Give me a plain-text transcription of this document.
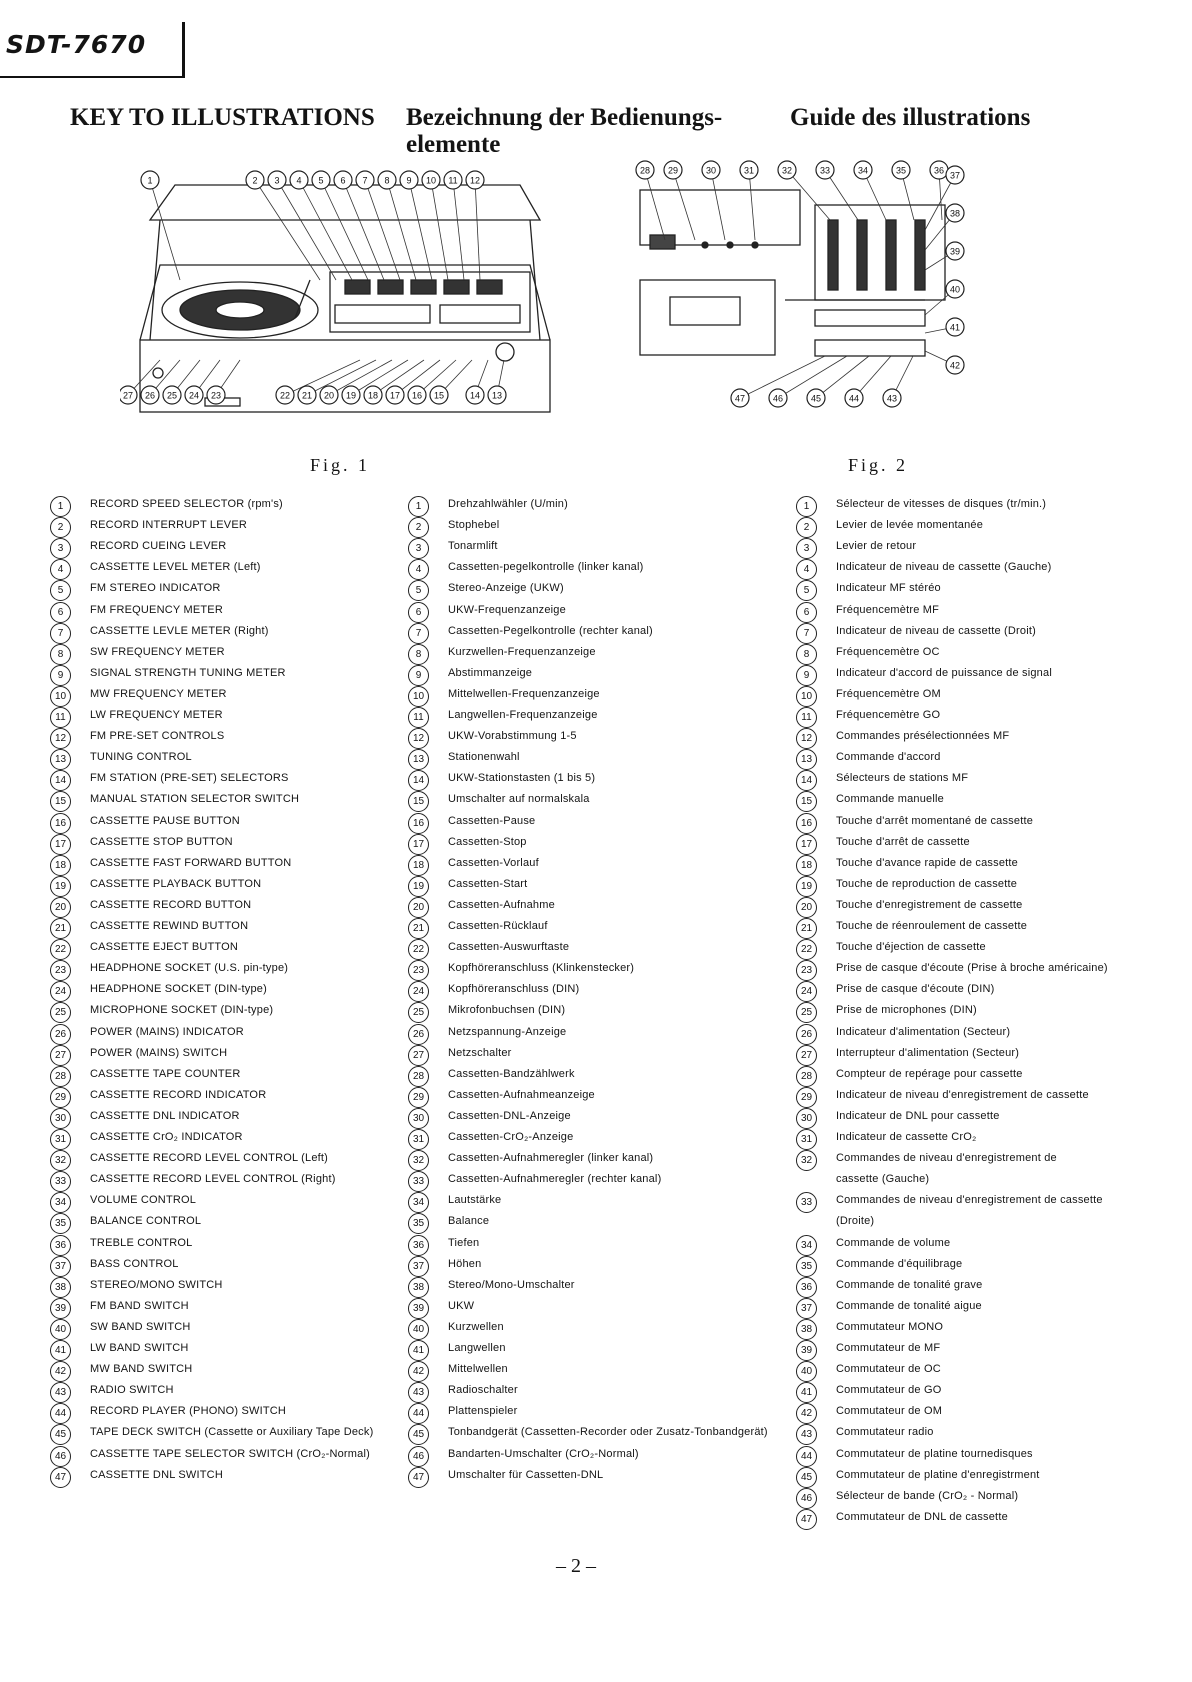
SDT-7670
KEY TO ILLUSTRATIONS Bezeichnung der Bedienungs-
elemente
Guide des illustrations
1	2 3 4 5 6 7 8 9 10 11 12
27 26 25 24 23	22 21 20 19 18 17 16 15	14 13
28 29	30	31	32	33	34	35	36 37
38
39
40
41
42
47	46	45	44	43
Fig. 1	Fig. 2
1	RECORD SPEED SELECTOR (rpm's)
2	RECORD INTERRUPT LEVER
3	RECORD CUEING LEVER
4	CASSETTE LEVEL METER (Left)
5	FM STEREO INDICATOR
6	FM FREQUENCY METER
7	CASSETTE LEVLE METER (Right)
8	SW FREQUENCY METER
9	SIGNAL STRENGTH TUNING METER
10	MW FREQUENCY METER
11	LW FREQUENCY METER
12	FM PRE-SET CONTROLS
13	TUNING CONTROL
14	FM STATION (PRE-SET) SELECTORS
15	MANUAL STATION SELECTOR SWITCH
16	CASSETTE PAUSE BUTTON
17	CASSETTE STOP BUTTON
18	CASSETTE FAST FORWARD BUTTON
19	CASSETTE PLAYBACK BUTTON
20	CASSETTE RECORD BUTTON
21	CASSETTE REWIND BUTTON
22	CASSETTE EJECT BUTTON
23	HEADPHONE SOCKET (U.S. pin-type)
24	HEADPHONE SOCKET (DIN-type)
25	MICROPHONE SOCKET (DIN-type)
26	POWER (MAINS) INDICATOR
27	POWER (MAINS) SWITCH
28	CASSETTE TAPE COUNTER
29	CASSETTE RECORD INDICATOR
30	CASSETTE DNL INDICATOR
31	CASSETTE CrO₂ INDICATOR
32	CASSETTE RECORD LEVEL CONTROL (Left)
33	CASSETTE RECORD LEVEL CONTROL (Right)
34	VOLUME CONTROL
35	BALANCE CONTROL
36	TREBLE CONTROL
37	BASS CONTROL
38	STEREO/MONO SWITCH
39	FM BAND SWITCH
40	SW BAND SWITCH
41	LW BAND SWITCH
42	MW BAND SWITCH
43	RADIO SWITCH
44	RECORD PLAYER (PHONO) SWITCH
45	TAPE DECK SWITCH (Cassette or Auxiliary Tape Deck)
46	CASSETTE TAPE SELECTOR SWITCH (CrO₂-Normal)
47	CASSETTE DNL SWITCH
1	Drehzahlwähler (U/min)
2	Stophebel
3	Tonarmlift
4	Cassetten-pegelkontrolle (linker kanal)
5	Stereo-Anzeige (UKW)
6	UKW-Frequenzanzeige
7	Cassetten-Pegelkontrolle (rechter kanal)
8	Kurzwellen-Frequenzanzeige
9	Abstimmanzeige
10	Mittelwellen-Frequenzanzeige
11	Langwellen-Frequenzanzeige
12	UKW-Vorabstimmung 1-5
13	Stationenwahl
14	UKW-Stationstasten (1 bis 5)
15	Umschalter auf normalskala
16	Cassetten-Pause
17	Cassetten-Stop
18	Cassetten-Vorlauf
19	Cassetten-Start
20	Cassetten-Aufnahme
21	Cassetten-Rücklauf
22	Cassetten-Auswurftaste
23	Kopfhöreranschluss (Klinkenstecker)
24	Kopfhöreranschluss (DIN)
25	Mikrofonbuchsen (DIN)
26	Netzspannung-Anzeige
27	Netzschalter
28	Cassetten-Bandzählwerk
29	Cassetten-Aufnahmeanzeige
30	Cassetten-DNL-Anzeige
31	Cassetten-CrO₂-Anzeige
32	Cassetten-Aufnahmeregler (linker kanal)
33	Cassetten-Aufnahmeregler (rechter kanal)
34	Lautstärke
35	Balance
36	Tiefen
37	Höhen
38	Stereo/Mono-Umschalter
39	UKW
40	Kurzwellen
41	Langwellen
42	Mittelwellen
43	Radioschalter
44	Plattenspieler
45	Tonbandgerät (Cassetten-Recorder oder Zusatz-Tonbandgerät)
46	Bandarten-Umschalter (CrO₂-Normal)
47	Umschalter für Cassetten-DNL
1	Sélecteur de vitesses de disques (tr/min.)
2	Levier de levée momentanée
3	Levier de retour
4	Indicateur de niveau de cassette (Gauche)
5	Indicateur MF stéréo
6	Fréquencemètre MF
7	Indicateur de niveau de cassette (Droit)
8	Fréquencemètre OC
9	Indicateur d'accord de puissance de signal
10	Fréquencemètre OM
11	Fréquencemètre GO
12	Commandes présélectionnées MF
13	Commande d'accord
14	Sélecteurs de stations MF
15	Commande manuelle
16	Touche d'arrêt momentané de cassette
17	Touche d'arrêt de cassette
18	Touche d'avance rapide de cassette
19	Touche de reproduction de cassette
20	Touche d'enregistrement de cassette
21	Touche de réenroulement de cassette
22	Touche d'éjection de cassette
23	Prise de casque d'écoute (Prise à broche américaine)
24	Prise de casque d'écoute (DIN)
25	Prise de microphones (DIN)
26	Indicateur d'alimentation (Secteur)
27	Interrupteur d'alimentation (Secteur)
28	Compteur de repérage pour cassette
29	Indicateur de niveau d'enregistrement de cassette
30	Indicateur de DNL pour cassette
31	Indicateur de cassette CrO₂
32	Commandes de niveau d'enregistrement de
cassette (Gauche)
33	Commandes de niveau d'enregistrement de cassette
(Droite)
34	Commande de volume
35	Commande d'équilibrage
36	Commande de tonalité grave
37	Commande de tonalité aigue
38	Commutateur MONO
39	Commutateur de MF
40	Commutateur de OC
41	Commutateur de GO
42	Commutateur de OM
43	Commutateur radio
44	Commutateur de platine tournedisques
45	Commutateur de platine d'enregistrment
46	Sélecteur de bande (CrO₂ - Normal)
47	Commutateur de DNL de cassette
– 2 –
